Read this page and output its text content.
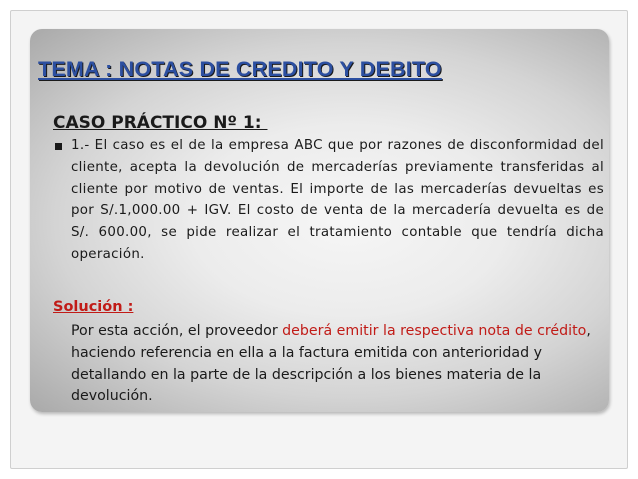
TEMA : NOTAS DE CREDITO Y DEBITO

CASO PRÁCTICO Nº 1:

1.- El caso es el de la empresa ABC que por razones de disconformidad del cliente, acepta la devolución de mercaderías previamente transferidas al cliente por motivo de ventas. El importe de las mercaderías devueltas es por S/.1,000.00 + IGV. El costo de venta de la mercadería devuelta es de S/. 600.00, se pide realizar el tratamiento contable que tendría dicha operación.

Solución :

Por esta acción, el proveedor deberá emitir la respectiva nota de crédito, haciendo referencia en ella a la factura emitida con anterioridad y detallando en la parte de la descripción a los bienes materia de la devolución.
